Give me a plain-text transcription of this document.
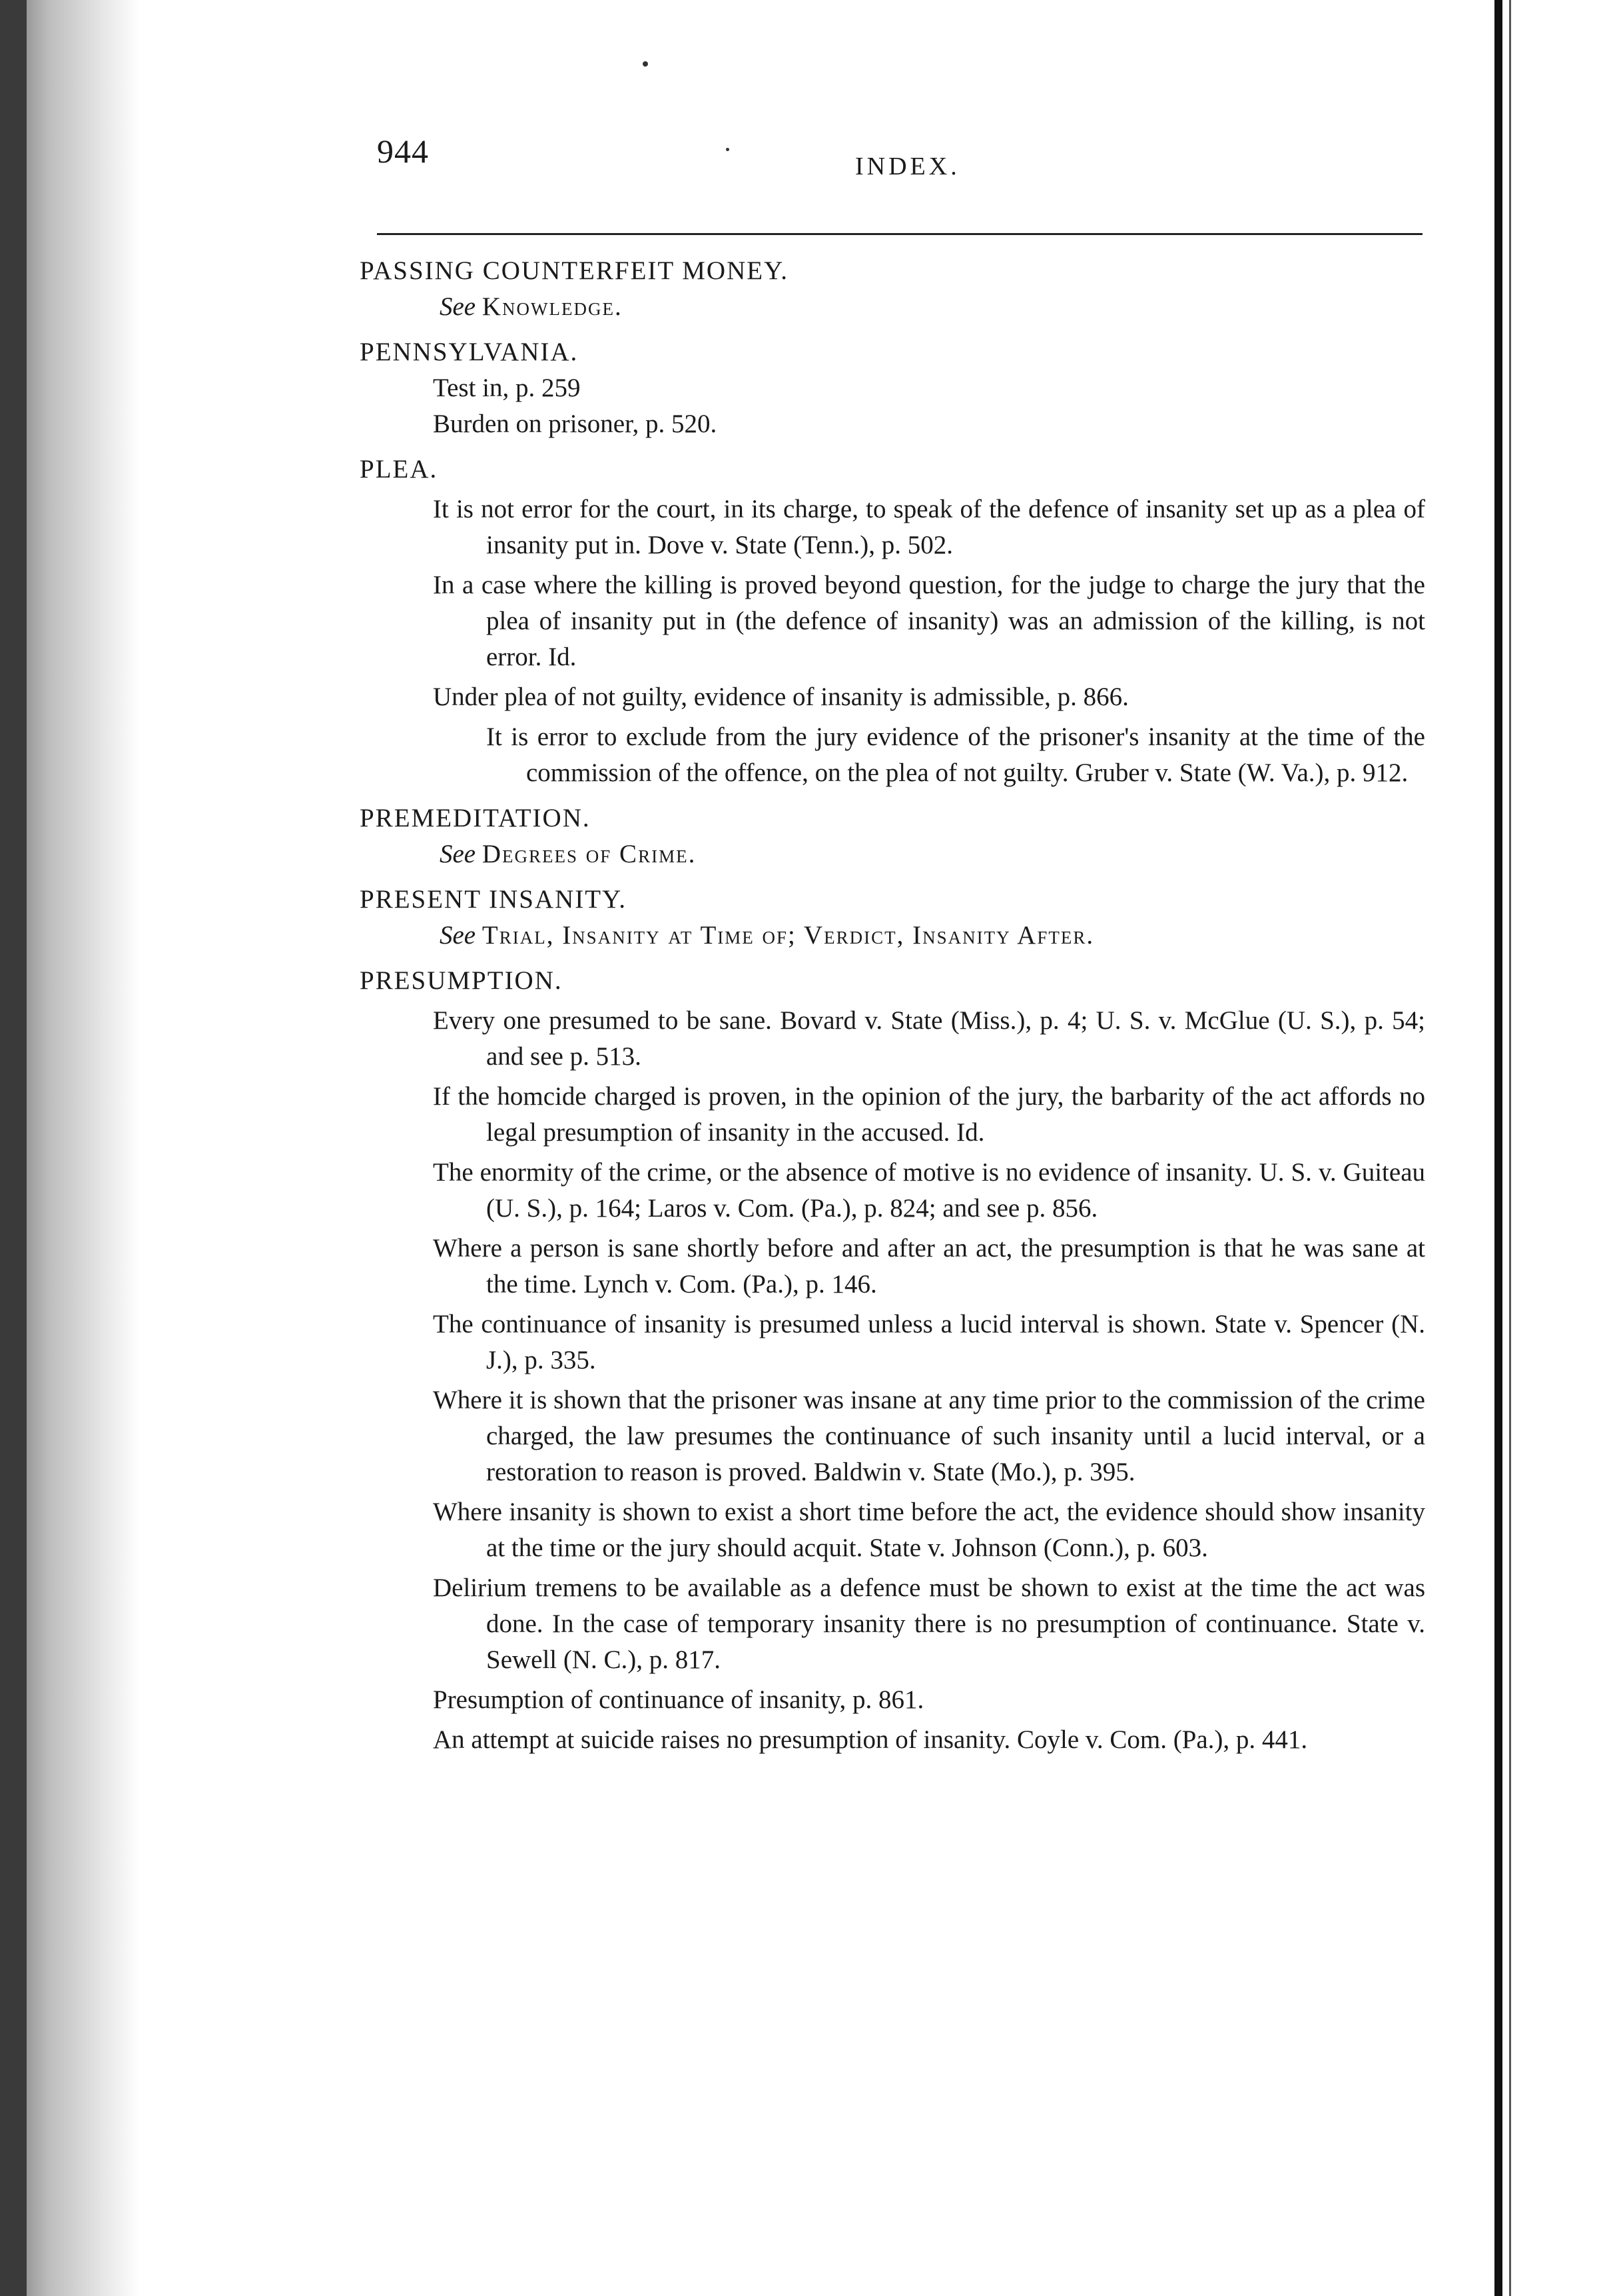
944	INDEX.
PASSING COUNTERFEIT MONEY.
See Knowledge.
PENNSYLVANIA.
Test in, p. 259
Burden on prisoner, p. 520.
PLEA.
It is not error for the court, in its charge, to speak of the defence of insanity set up as a plea of insanity put in. Dove v. State (Tenn.), p. 502.
In a case where the killing is proved beyond question, for the judge to charge the jury that the plea of insanity put in (the defence of insanity) was an admission of the killing, is not error. Id.
Under plea of not guilty, evidence of insanity is admissible, p. 866.
It is error to exclude from the jury evidence of the prisoner's insanity at the time of the commission of the offence, on the plea of not guilty. Gruber v. State (W. Va.), p. 912.
PREMEDITATION.
See Degrees of Crime.
PRESENT INSANITY.
See Trial, Insanity at Time of; Verdict, Insanity After.
PRESUMPTION.
Every one presumed to be sane. Bovard v. State (Miss.), p. 4; U. S. v. McGlue (U. S.), p. 54; and see p. 513.
If the homcide charged is proven, in the opinion of the jury, the barbarity of the act affords no legal presumption of insanity in the accused. Id.
The enormity of the crime, or the absence of motive is no evidence of insanity. U. S. v. Guiteau (U. S.), p. 164; Laros v. Com. (Pa.), p. 824; and see p. 856.
Where a person is sane shortly before and after an act, the presumption is that he was sane at the time. Lynch v. Com. (Pa.), p. 146.
The continuance of insanity is presumed unless a lucid interval is shown. State v. Spencer (N. J.), p. 335.
Where it is shown that the prisoner was insane at any time prior to the commission of the crime charged, the law presumes the continuance of such insanity until a lucid interval, or a restoration to reason is proved. Baldwin v. State (Mo.), p. 395.
Where insanity is shown to exist a short time before the act, the evidence should show insanity at the time or the jury should acquit. State v. Johnson (Conn.), p. 603.
Delirium tremens to be available as a defence must be shown to exist at the time the act was done. In the case of temporary insanity there is no presumption of continuance. State v. Sewell (N. C.), p. 817.
Presumption of continuance of insanity, p. 861.
An attempt at suicide raises no presumption of insanity. Coyle v. Com. (Pa.), p. 441.
